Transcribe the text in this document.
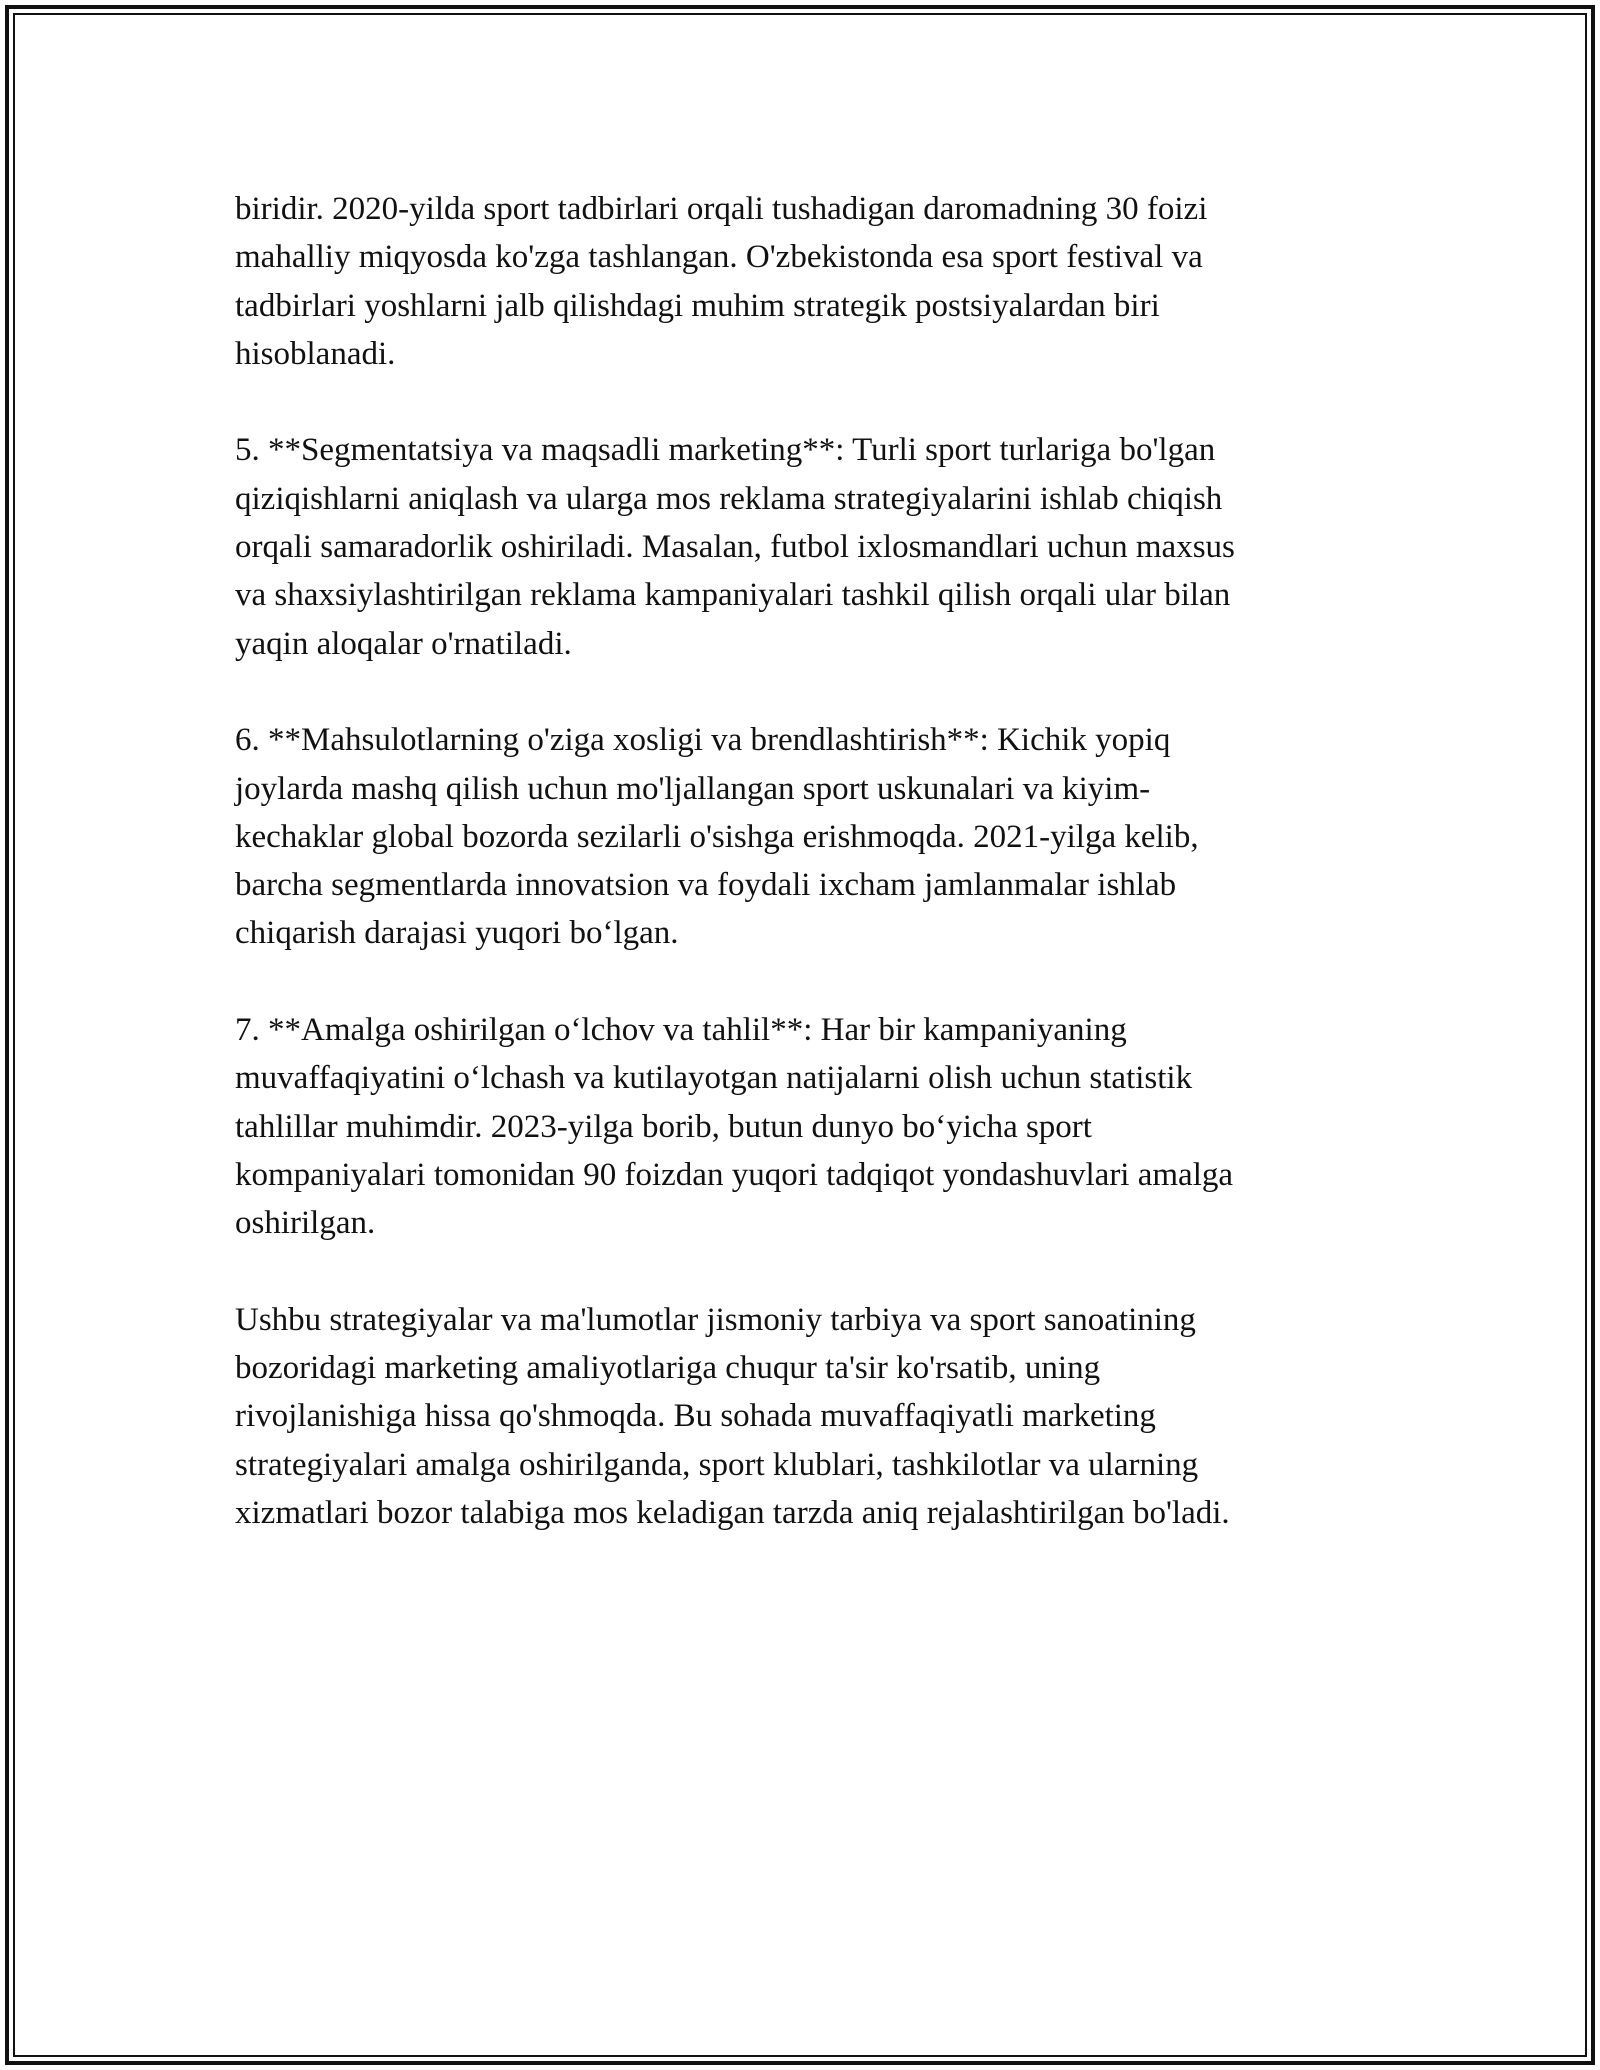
biridir. 2020-yilda sport tadbirlari orqali tushadigan daromadning 30 foizi
mahalliy miqyosda ko'zga tashlangan. O'zbekistonda esa sport festival va
tadbirlari yoshlarni jalb qilishdagi muhim strategik postsiyalardan biri
hisoblanadi.

5. **Segmentatsiya va maqsadli marketing**: Turli sport turlariga bo'lgan
qiziqishlarni aniqlash va ularga mos reklama strategiyalarini ishlab chiqish
orqali samaradorlik oshiriladi. Masalan, futbol ixlosmandlari uchun maxsus
va shaxsiylashtirilgan reklama kampaniyalari tashkil qilish orqali ular bilan
yaqin aloqalar o'rnatiladi.

6. **Mahsulotlarning o'ziga xosligi va brendlashtirish**: Kichik yopiq
joylarda mashq qilish uchun mo'ljallangan sport uskunalari va kiyim-
kechaklar global bozorda sezilarli o'sishga erishmoqda. 2021-yilga kelib,
barcha segmentlarda innovatsion va foydali ixcham jamlanmalar ishlab
chiqarish darajasi yuqori bo‘lgan.

7. **Amalga oshirilgan o‘lchov va tahlil**: Har bir kampaniyaning
muvaffaqiyatini o‘lchash va kutilayotgan natijalarni olish uchun statistik
tahlillar muhimdir. 2023-yilga borib, butun dunyo bo‘yicha sport
kompaniyalari tomonidan 90 foizdan yuqori tadqiqot yondashuvlari amalga
oshirilgan.

Ushbu strategiyalar va ma'lumotlar jismoniy tarbiya va sport sanoatining
bozoridagi marketing amaliyotlariga chuqur ta'sir ko'rsatib, uning
rivojlanishiga hissa qo'shmoqda. Bu sohada muvaffaqiyatli marketing
strategiyalari amalga oshirilganda, sport klublari, tashkilotlar va ularning
xizmatlari bozor talabiga mos keladigan tarzda aniq rejalashtirilgan bo'ladi.
